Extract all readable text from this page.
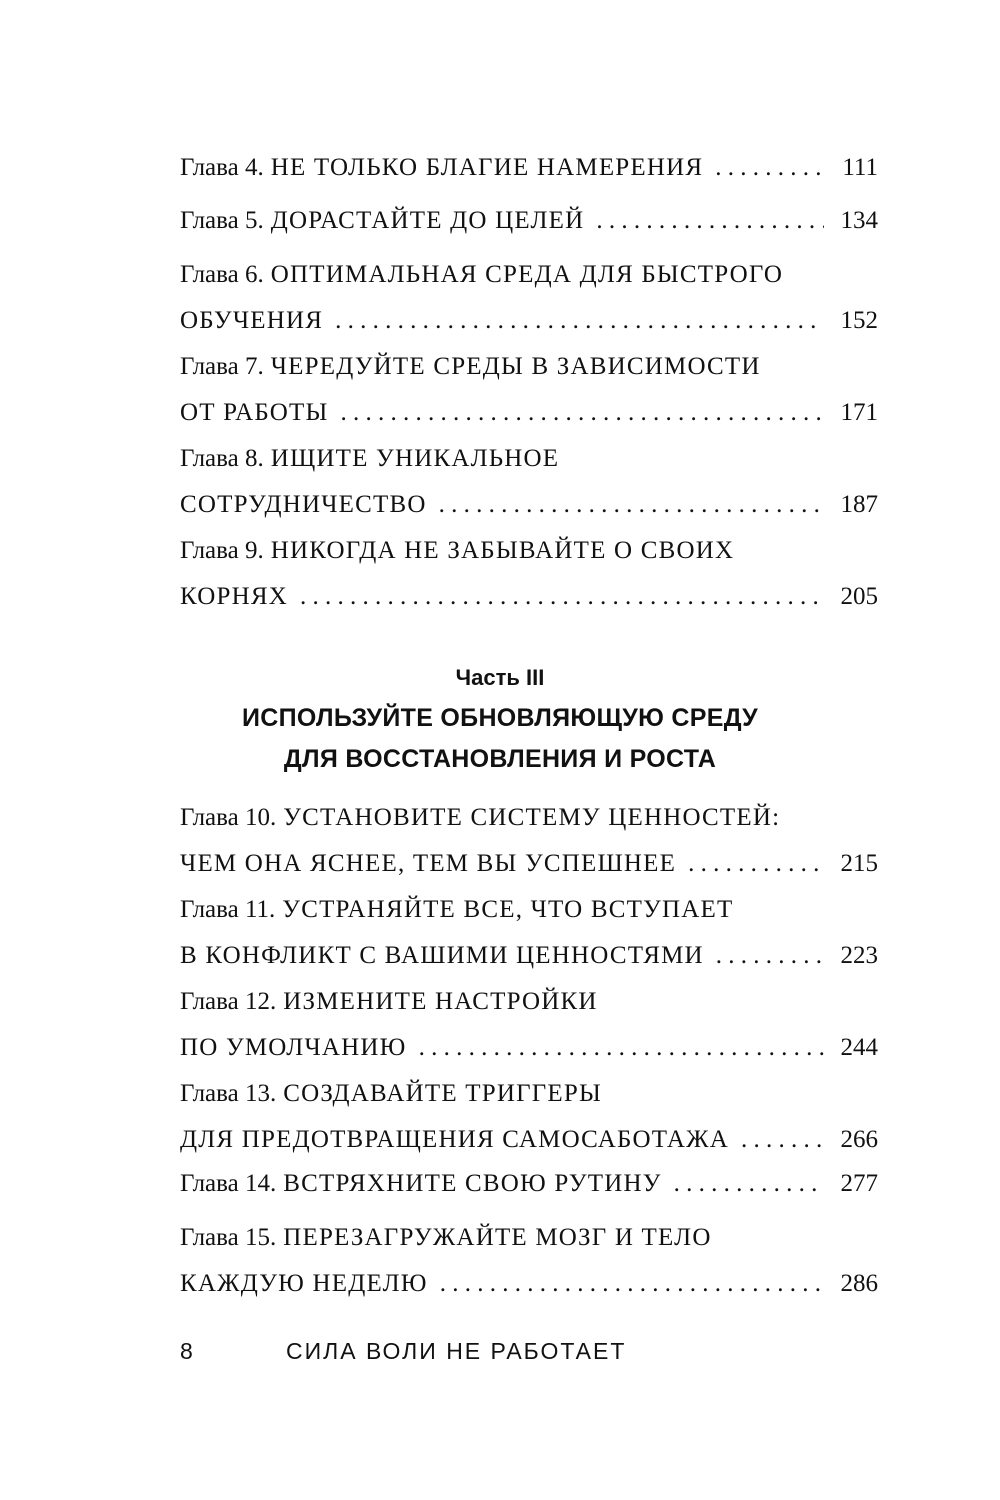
Глава 4. НЕ ТОЛЬКО БЛАГИЕ НАМЕРЕНИЯ . . .	111
Глава 5. ДОРАСТАЙТЕ ДО ЦЕЛЕЙ . . .	134
Глава 6. ОПТИМАЛЬНАЯ СРЕДА ДЛЯ БЫСТРОГО
ОБУЧЕНИЯ . . .	152
Глава 7. ЧЕРЕДУЙТЕ СРЕДЫ В ЗАВИСИМОСТИ
ОТ РАБОТЫ . . .	171
Глава 8. ИЩИТЕ УНИКАЛЬНОЕ
СОТРУДНИЧЕСТВО . . .	187
Глава 9. НИКОГДА НЕ ЗАБЫВАЙТЕ О СВОИХ
КОРНЯХ . . .	205
Часть III
ИСПОЛЬЗУЙТЕ ОБНОВЛЯЮЩУЮ СРЕДУ
ДЛЯ ВОССТАНОВЛЕНИЯ И РОСТА
Глава 10. УСТАНОВИТЕ СИСТЕМУ ЦЕННОСТЕЙ:
ЧЕМ ОНА ЯСНЕЕ, ТЕМ ВЫ УСПЕШНЕЕ . . .	215
Глава 11. УСТРАНЯЙТЕ ВСЕ, ЧТО ВСТУПАЕТ
В КОНФЛИКТ С ВАШИМИ ЦЕННОСТЯМИ . . .	223
Глава 12. ИЗМЕНИТЕ НАСТРОЙКИ
ПО УМОЛЧАНИЮ . . .	244
Глава 13. СОЗДАВАЙТЕ ТРИГГЕРЫ
ДЛЯ ПРЕДОТВРАЩЕНИЯ САМОСАБОТАЖА . . .	266
Глава 14. ВСТРЯХНИТЕ СВОЮ РУТИНУ . . .	277
Глава 15. ПЕРЕЗАГРУЖАЙТЕ МОЗГ И ТЕЛО
КАЖДУЮ НЕДЕЛЮ . . .	286
8	СИЛА ВОЛИ НЕ РАБОТАЕТ
